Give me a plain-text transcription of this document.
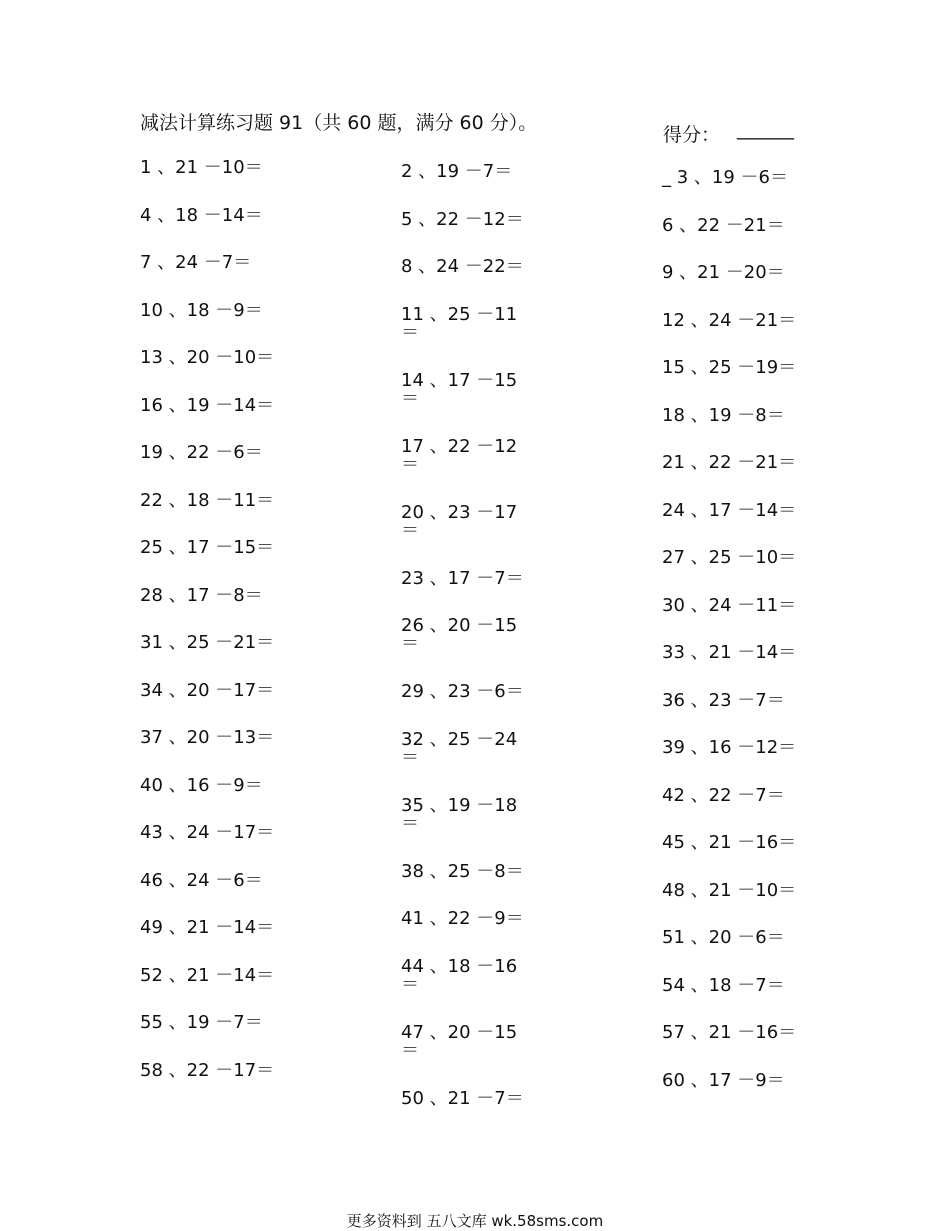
减法计算练习题 91（共 60 题，满分 60 分）。
得分： ______
1 、21 －10＝
4 、18 －14＝
7 、24 －7＝
10 、18 －9＝
13 、20 －10＝
16 、19 －14＝
19 、22 －6＝
22 、18 －11＝
25 、17 －15＝
28 、17 －8＝
31 、25 －21＝
34 、20 －17＝
37 、20 －13＝
40 、16 －9＝
43 、24 －17＝
46 、24 －6＝
49 、21 －14＝
52 、21 －14＝
55 、19 －7＝
58 、22 －17＝
2 、19 －7＝
5 、22 －12＝
8 、24 －22＝
11 、25 －11
＝
14 、17 －15
＝
17 、22 －12
＝
20 、23 －17
＝
23 、17 －7＝
26 、20 －15
＝
29 、23 －6＝
32 、25 －24
＝
35 、19 －18
＝
38 、25 －8＝
41 、22 －9＝
44 、18 －16
＝
47 、20 －15
＝
50 、21 －7＝
_ 3 、19 －6＝
6 、22 －21＝
9 、21 －20＝
12 、24 －21＝
15 、25 －19＝
18 、19 －8＝
21 、22 －21＝
24 、17 －14＝
27 、25 －10＝
30 、24 －11＝
33 、21 －14＝
36 、23 －7＝
39 、16 －12＝
42 、22 －7＝
45 、21 －16＝
48 、21 －10＝
51 、20 －6＝
54 、18 －7＝
57 、21 －16＝
60 、17 －9＝
更多资料到 五八文库 wk.58sms.com
